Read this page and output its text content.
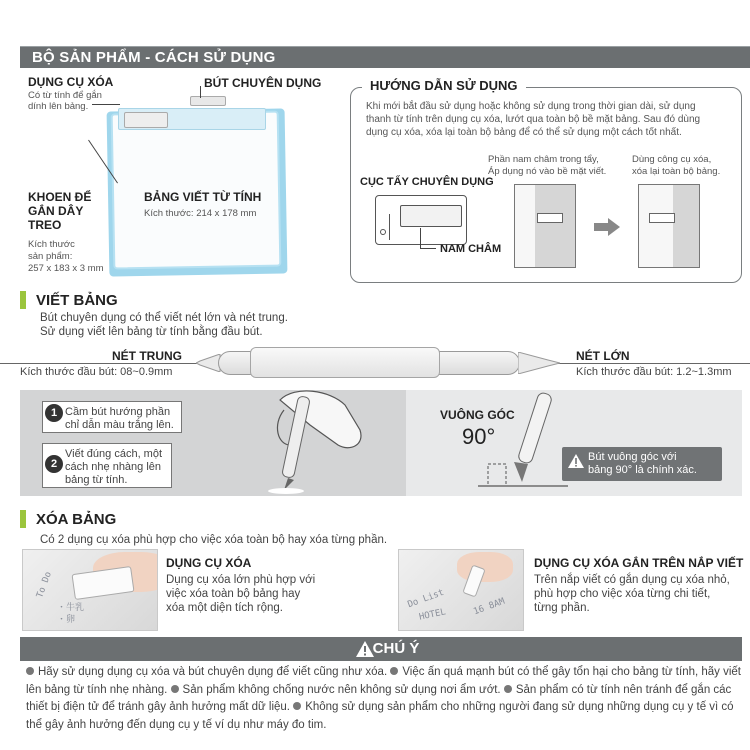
BỘ SẢN PHẨM - CÁCH SỬ DỤNG
DỤNG CỤ XÓA
Có từ tính để gắn
dính lên bảng.
BÚT CHUYÊN DỤNG
KHOEN ĐỂ
GẮN DÂY
TREO
Kích thước
sản phẩm:
257 x 183 x 3 mm
BẢNG VIẾT TỪ TÍNH
Kích thước: 214 x 178 mm
HƯỚNG DẪN SỬ DỤNG
Khi mới bắt đầu sử dụng hoặc không sử dụng trong thời gian dài, sử dụng
thanh từ tính trên dụng cụ xóa, lướt qua toàn bộ bề mặt bảng. Sau đó dùng
dụng cụ xóa, xóa lại toàn bộ bảng để có thể sử dụng một cách tốt nhất.
CỤC TẨY CHUYÊN DỤNG
NAM CHÂM
Phần nam châm trong tẩy,
Áp dụng nó vào bề mặt viết.
Dùng công cụ xóa,
xóa lại toàn bộ bảng.
VIẾT BẢNG
Bút chuyên dụng có thể viết nét lớn và nét trung.
Sử dụng viết lên bảng từ tính bằng đầu bút.
NÉT TRUNG
Kích thước đầu bút: 08~0.9mm
NÉT LỚN
Kích thước đầu bút: 1.2~1.3mm
Cầm bút hướng phần
chỉ dẫn màu trắng lên.
1
Viết đúng cách, một
cách nhẹ nhàng lên
bảng từ tính.
2
VUÔNG GÓC
90°
Bút vuông góc với
bảng 90° là chính xác.
XÓA BẢNG
Có 2 dụng cụ xóa phù hợp cho việc xóa toàn bộ hay xóa từng phần.
To Do
・牛乳
・卵
DỤNG CỤ XÓA
Dụng cụ xóa lớn phù hợp với
việc xóa toàn bộ bảng hay
xóa một diện tích rộng.	Do List
HOTEL	16 8AM
DỤNG CỤ XÓA GẮN TRÊN NẮP VIẾT
Trên nắp viết có gắn dụng cụ xóa nhỏ,
phù hợp cho việc xóa từng chi tiết,
từng phần.
CHÚ Ý
Hãy sử dụng dụng cụ xóa và bút chuyên dụng để viết cũng như xóa. Việc ấn quá mạnh bút có thể gây tổn hại cho bảng từ tính, hãy viết lên bảng từ tính nhẹ nhàng. Sản phẩm không chống nước nên không sử dụng nơi ẩm ướt. Sản phẩm có từ tính nên tránh để gắn các thiết bị điện tử để tránh gây ảnh hưởng mất dữ liệu. Không sử dụng sản phẩm cho những người đang sử dụng những dụng cụ y tế vì có thể gây ảnh hưởng đến dụng cụ y tế ví dụ như máy đo tim.
